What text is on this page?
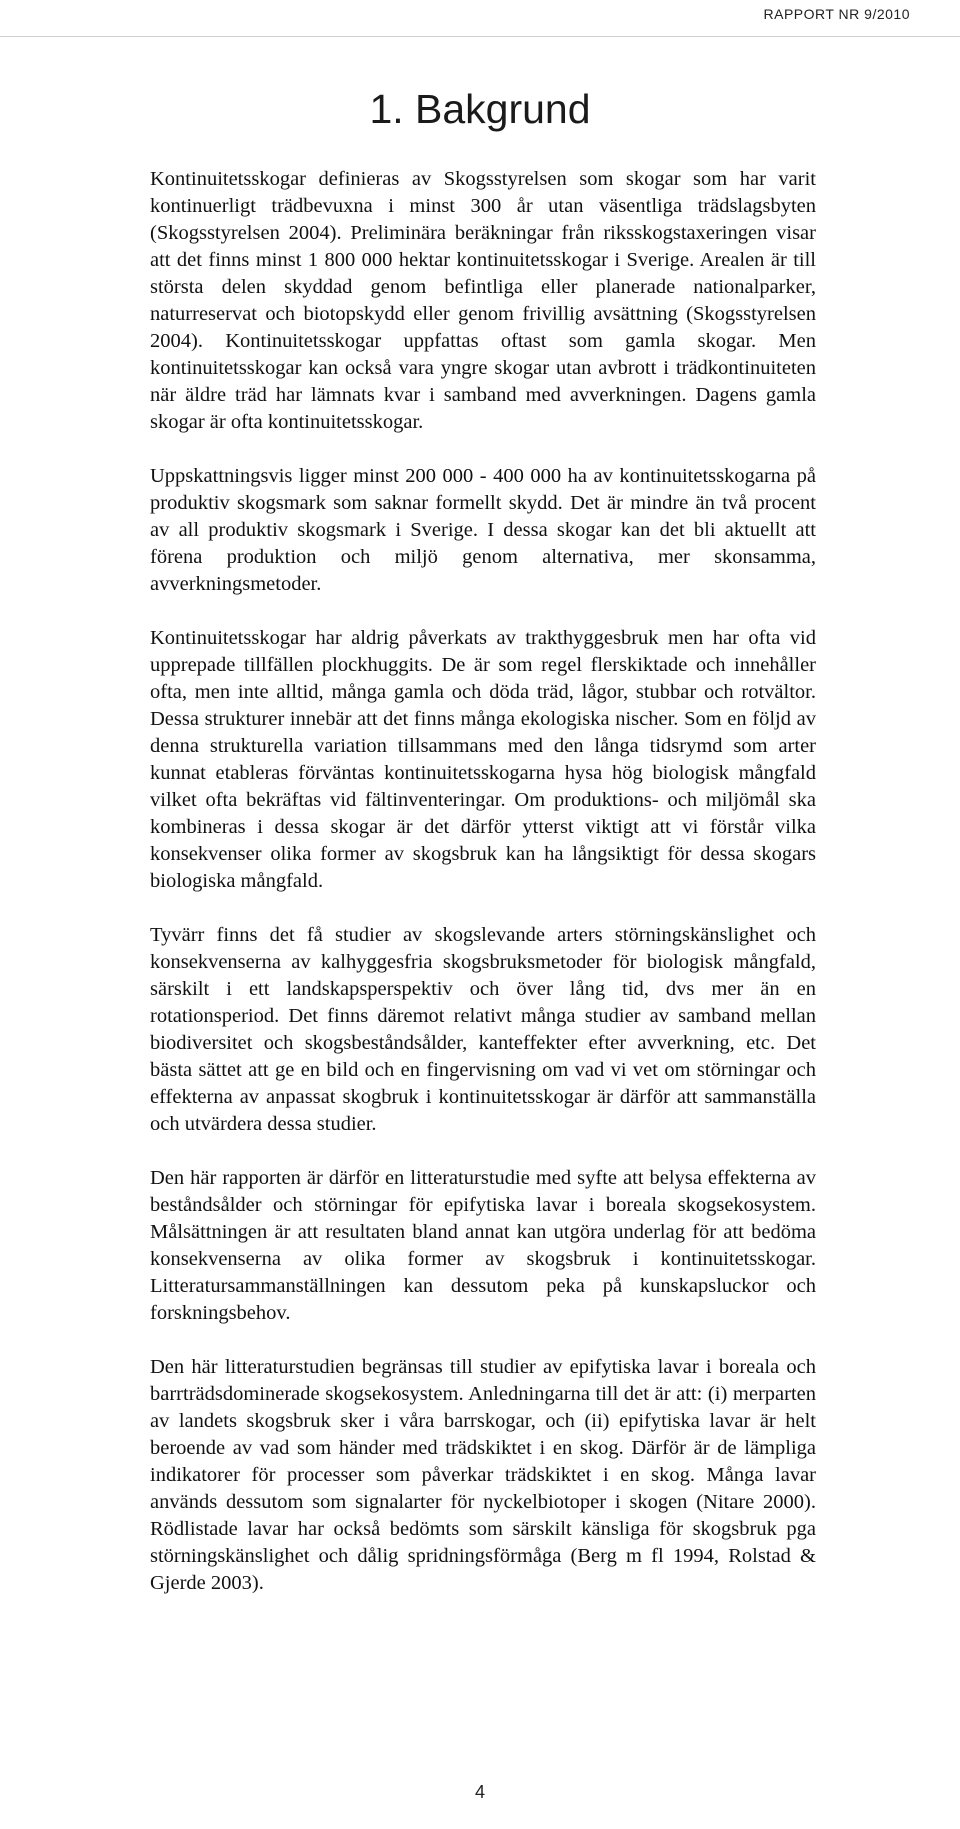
RAPPORT NR 9/2010
1. Bakgrund

Kontinuitetsskogar definieras av Skogsstyrelsen som skogar som har varit kontinuerligt trädbevuxna i minst 300 år utan väsentliga trädslagsbyten (Skogsstyrelsen 2004). Preliminära beräkningar från riksskogstaxeringen visar att det finns minst 1 800 000 hektar kontinuitetsskogar i Sverige. Arealen är till största delen skyddad genom befintliga eller planerade nationalparker, naturreservat och biotopskydd eller genom frivillig avsättning (Skogsstyrelsen 2004). Kontinuitetsskogar uppfattas oftast som gamla skogar. Men kontinuitetsskogar kan också vara yngre skogar utan avbrott i trädkontinuiteten när äldre träd har lämnats kvar i samband med avverkningen. Dagens gamla skogar är ofta kontinuitetsskogar.

Uppskattningsvis ligger minst 200 000 - 400 000 ha av kontinuitetsskogarna på produktiv skogsmark som saknar formellt skydd. Det är mindre än två procent av all produktiv skogsmark i Sverige. I dessa skogar kan det bli aktuellt att förena produktion och miljö genom alternativa, mer skonsamma, avverkningsmetoder.

Kontinuitetsskogar har aldrig påverkats av trakthyggesbruk men har ofta vid upprepade tillfällen plockhuggits. De är som regel flerskiktade och innehåller ofta, men inte alltid, många gamla och döda träd, lågor, stubbar och rotvältor. Dessa strukturer innebär att det finns många ekologiska nischer. Som en följd av denna strukturella variation tillsammans med den långa tidsrymd som arter kunnat etableras förväntas kontinuitetsskogarna hysa hög biologisk mångfald vilket ofta bekräftas vid fältinventeringar. Om produktions- och miljömål ska kombineras i dessa skogar är det därför ytterst viktigt att vi förstår vilka konsekvenser olika former av skogsbruk kan ha långsiktigt för dessa skogars biologiska mångfald.

Tyvärr finns det få studier av skogslevande arters störningskänslighet och konsekvenserna av kalhyggesfria skogsbruksmetoder för biologisk mångfald, särskilt i ett landskapsperspektiv och över lång tid, dvs mer än en rotationsperiod. Det finns däremot relativt många studier av samband mellan biodiversitet och skogsbeståndsålder, kanteffekter efter avverkning, etc. Det bästa sättet att ge en bild och en fingervisning om vad vi vet om störningar och effekterna av anpassat skogbruk i kontinuitetsskogar är därför att sammanställa och utvärdera dessa studier.

Den här rapporten är därför en litteraturstudie med syfte att belysa effekterna av beståndsålder och störningar för epifytiska lavar i boreala skogsekosystem. Målsättningen är att resultaten bland annat kan utgöra underlag för att bedöma konsekvenserna av olika former av skogsbruk i kontinuitetsskogar. Litteratursammanställningen kan dessutom peka på kunskapsluckor och forskningsbehov.

Den här litteraturstudien begränsas till studier av epifytiska lavar i boreala och barrträdsdominerade skogsekosystem. Anledningarna till det är att: (i) merparten av landets skogsbruk sker i våra barrskogar, och (ii) epifytiska lavar är helt beroende av vad som händer med trädskiktet i en skog. Därför är de lämpliga indikatorer för processer som påverkar trädskiktet i en skog. Många lavar används dessutom som signalarter för nyckelbiotoper i skogen (Nitare 2000). Rödlistade lavar har också bedömts som särskilt känsliga för skogsbruk pga störningskänslighet och dålig spridningsförmåga (Berg m fl 1994, Rolstad & Gjerde 2003).

4
